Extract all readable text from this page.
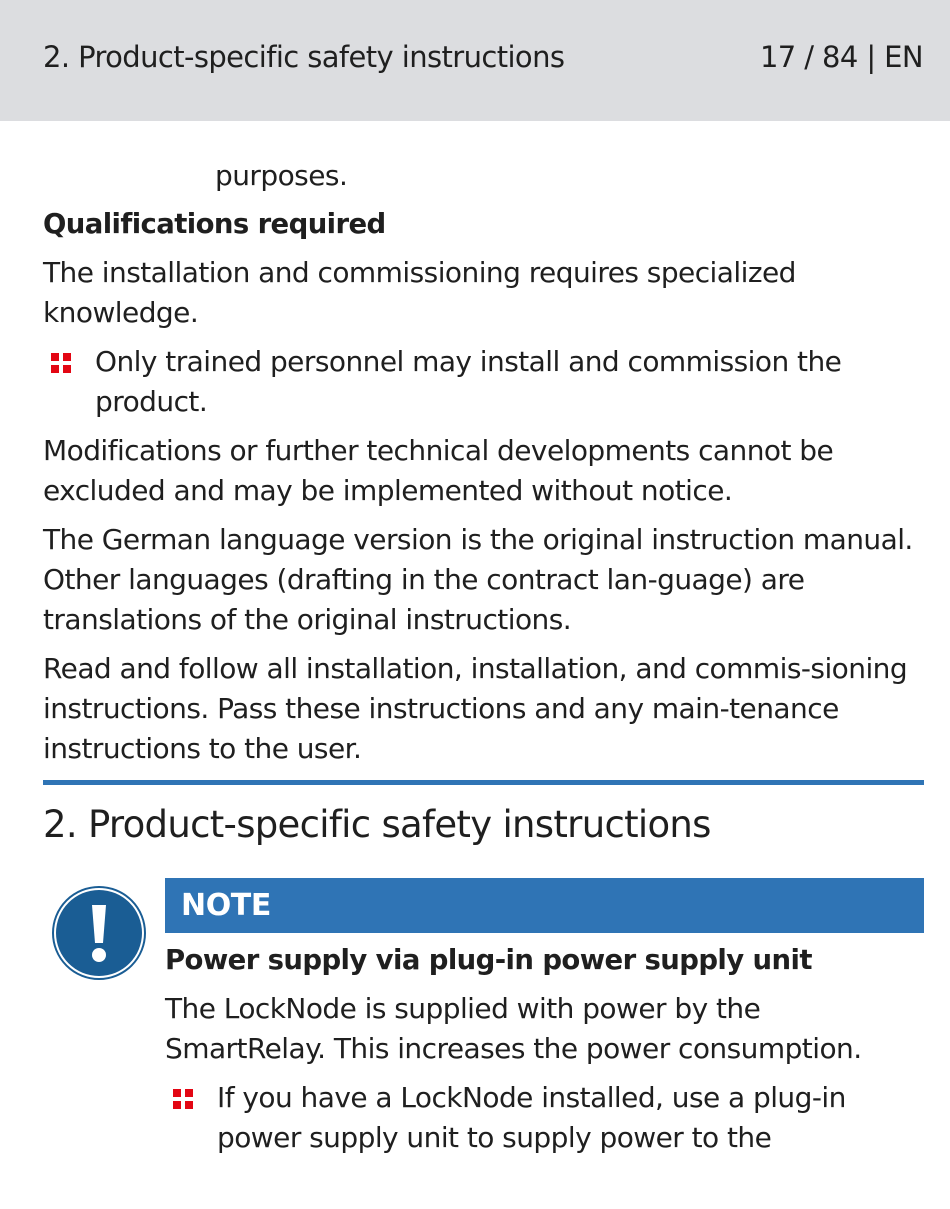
2. Product-specific safety instructions	17 / 84 | EN

purposes.

Qualifications required

The installation and commissioning requires specialized knowledge.

Only trained personnel may install and commission the product.

Modifications or further technical developments cannot be excluded and may be implemented without notice.

The German language version is the original instruction manual. Other languages (drafting in the contract lan-guage) are translations of the original instructions.

Read and follow all installation, installation, and commis-sioning instructions. Pass these instructions and any main-tenance instructions to the user.

2. Product-specific safety instructions
NOTE

Power supply via plug-in power supply unit

The LockNode is supplied with power by the SmartRelay. This increases the power consumption.

If you have a LockNode installed, use a plug-in power supply unit to supply power to the
